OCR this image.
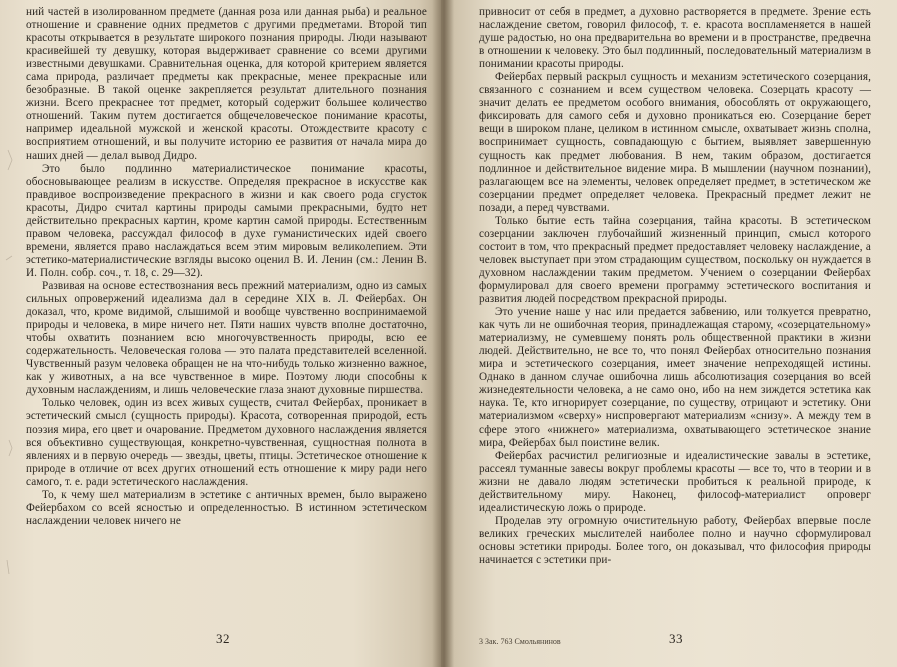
ний частей в изолированном предмете (данная роза или данная рыба) и реальное отношение и сравнение одних предметов с другими предметами. Второй тип красоты открывается в результате широкого познания природы. Люди называют красивейшей ту девушку, которая выдерживает сравнение со всеми другими известными девушками. Сравнительная оценка, для которой критерием является сама природа, различает предметы как прекрасные, менее прекрасные или безобразные. В такой оценке закрепляется результат длительного познания жизни. Всего прекраснее тот предмет, который содержит большее количество отношений. Таким путем достигается общечеловеческое понимание красоты, например идеальной мужской и женской красоты. Отождествите красоту с восприятием отношений, и вы получите историю ее развития от начала мира до наших дней — делал вывод Дидро.

Это было подлинно материалистическое понимание красоты, обосновывающее реализм в искусстве. Определяя прекрасное в искусстве как правдивое воспроизведение прекрасного в жизни и как своего рода сгусток красоты, Дидро считал картины природы самыми прекрасными, будто нет действительно прекрасных картин, кроме картин самой природы. Естественным правом человека, рассуждал философ в духе гуманистических идей своего времени, является право наслаждаться всем этим мировым великолепием. Эти эстетико-материалистические взгляды высоко оценил В. И. Ленин (см.: Ленин В. И. Полн. собр. соч., т. 18, с. 29—32).

Развивая на основе естествознания весь прежний материализм, одно из самых сильных опровержений идеализма дал в середине XIX в. Л. Фейербах. Он доказал, что, кроме видимой, слышимой и вообще чувственно воспринимаемой природы и человека, в мире ничего нет. Пяти наших чувств вполне достаточно, чтобы охватить познанием всю многочувственность природы, всю ее содержательность. Человеческая голова — это палата представителей вселенной. Чувственный разум человека обращен не на что-нибудь только жизненно важное, как у животных, а на все чувственное в мире. Поэтому люди способны к духовным наслаждениям, и лишь человеческие глаза знают духовные пиршества.

Только человек, один из всех живых существ, считал Фейербах, проникает в эстетический смысл (сущность природы). Красота, сотворенная природой, есть поэзия мира, его цвет и очарование. Предметом духовного наслаждения является вся объективно существующая, конкретно-чувственная, сущностная полнота в явлениях и в первую очередь — звезды, цветы, птицы. Эстетическое отношение к природе в отличие от всех других отношений есть отношение к миру ради него самого, т. е. ради эстетического наслаждения.

То, к чему шел материализм в эстетике с античных времен, было выражено Фейербахом со всей ясностью и определенностью. В истинном эстетическом наслаждении человек ничего не

32

привносит от себя в предмет, а духовно растворяется в предмете. Зрение есть наслаждение светом, говорил философ, т. е. красота воспламеняется в нашей душе радостью, но она предварительна во времени и в пространстве, предвечна в отношении к человеку. Это был подлинный, последовательный материализм в понимании красоты природы.

Фейербах первый раскрыл сущность и механизм эстетического созерцания, связанного с сознанием и всем существом человека. Созерцать красоту — значит делать ее предметом особого внимания, обособлять от окружающего, фиксировать для самого себя и духовно проникаться ею. Созерцание берет вещи в широком плане, целиком в истинном смысле, охватывает жизнь сполна, воспринимает сущность, совпадающую с бытием, выявляет завершенную сущность как предмет любования. В нем, таким образом, достигается подлинное и действительное видение мира. В мышлении (научном познании), разлагающем все на элементы, человек определяет предмет, в эстетическом же созерцании предмет определяет человека. Прекрасный предмет лежит не позади, а перед чувствами.

Только бытие есть тайна созерцания, тайна красоты. В эстетическом созерцании заключен глубочайший жизненный принцип, смысл которого состоит в том, что прекрасный предмет предоставляет человеку наслаждение, а человек выступает при этом страдающим существом, поскольку он нуждается в духовном наслаждении таким предметом. Учением о созерцании Фейербах формулировал для своего времени программу эстетического воспитания и развития людей посредством прекрасной природы.

Это учение наше у нас или предается забвению, или толкуется превратно, как чуть ли не ошибочная теория, принадлежащая старому, «созерцательному» материализму, не сумевшему понять роль общественной практики в жизни людей. Действительно, не все то, что понял Фейербах относительно познания мира и эстетического созерцания, имеет значение непреходящей истины. Однако в данном случае ошибочна лишь абсолютизация созерцания во всей жизнедеятельности человека, а не само оно, ибо на нем зиждется эстетика как наука. Те, кто игнорирует созерцание, по существу, отрицают и эстетику. Они материализмом «сверху» ниспровергают материализм «снизу». А между тем в сфере этого «нижнего» материализма, охватывающего эстетическое знание мира, Фейербах был поистине велик.

Фейербах расчистил религиозные и идеалистические завалы в эстетике, рассеял туманные завесы вокруг проблемы красоты — все то, что в теории и в жизни не давало людям эстетически пробиться к реальной природе, к действительному миру. Наконец, философ-материалист опроверг идеалистическую ложь о природе.

Проделав эту огромную очистительную работу, Фейербах впервые после великих греческих мыслителей наиболее полно и научно сформулировал основы эстетики природы. Более того, он доказывал, что философия природы начинается с эстетики при-

3 Зак. 763 Смольянинов	33
